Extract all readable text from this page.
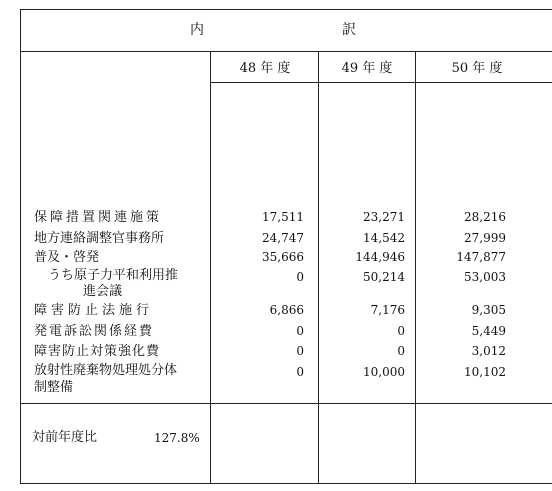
内	訳
48 年 度	49 年 度	50 年 度
保障措置関連施策	17,511	23,271	28,216
地方連絡調整官事務所	24,747	14,542	27,999
普及・啓発	35,666	144,946	147,877
うち原子力平和利用推
進会議
0	50,214	53,003
障害防止法施行	6,866	7,176	9,305
発電訴訟関係経費	0	0	5,449
障害防止対策強化費	0	0	3,012
放射性廃棄物処理処分体
制整備
0	10,000	10,102
対前年度比	127.8%
